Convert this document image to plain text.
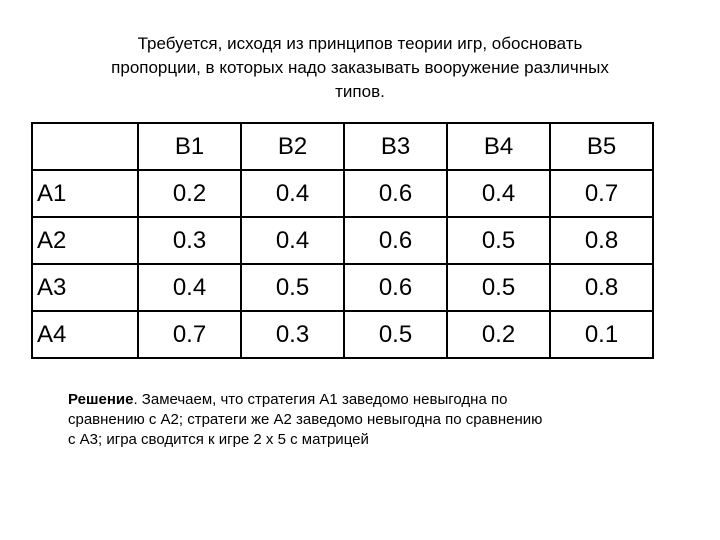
Требуется, исходя из принципов теории игр, обосновать
пропорции, в которых надо заказывать вооружение различных
типов.
	B1	B2	B3	B4	B5
A1	0.2	0.4	0.6	0.4	0.7
A2	0.3	0.4	0.6	0.5	0.8
A3	0.4	0.5	0.6	0.5	0.8
A4	0.7	0.3	0.5	0.2	0.1
Решение. Замечаем, что стратегия A1 заведомо невыгодна по
сравнению с A2; стратеги же A2 заведомо невыгодна по сравнению
с A3; игра сводится к игре 2 х 5 с матрицей
